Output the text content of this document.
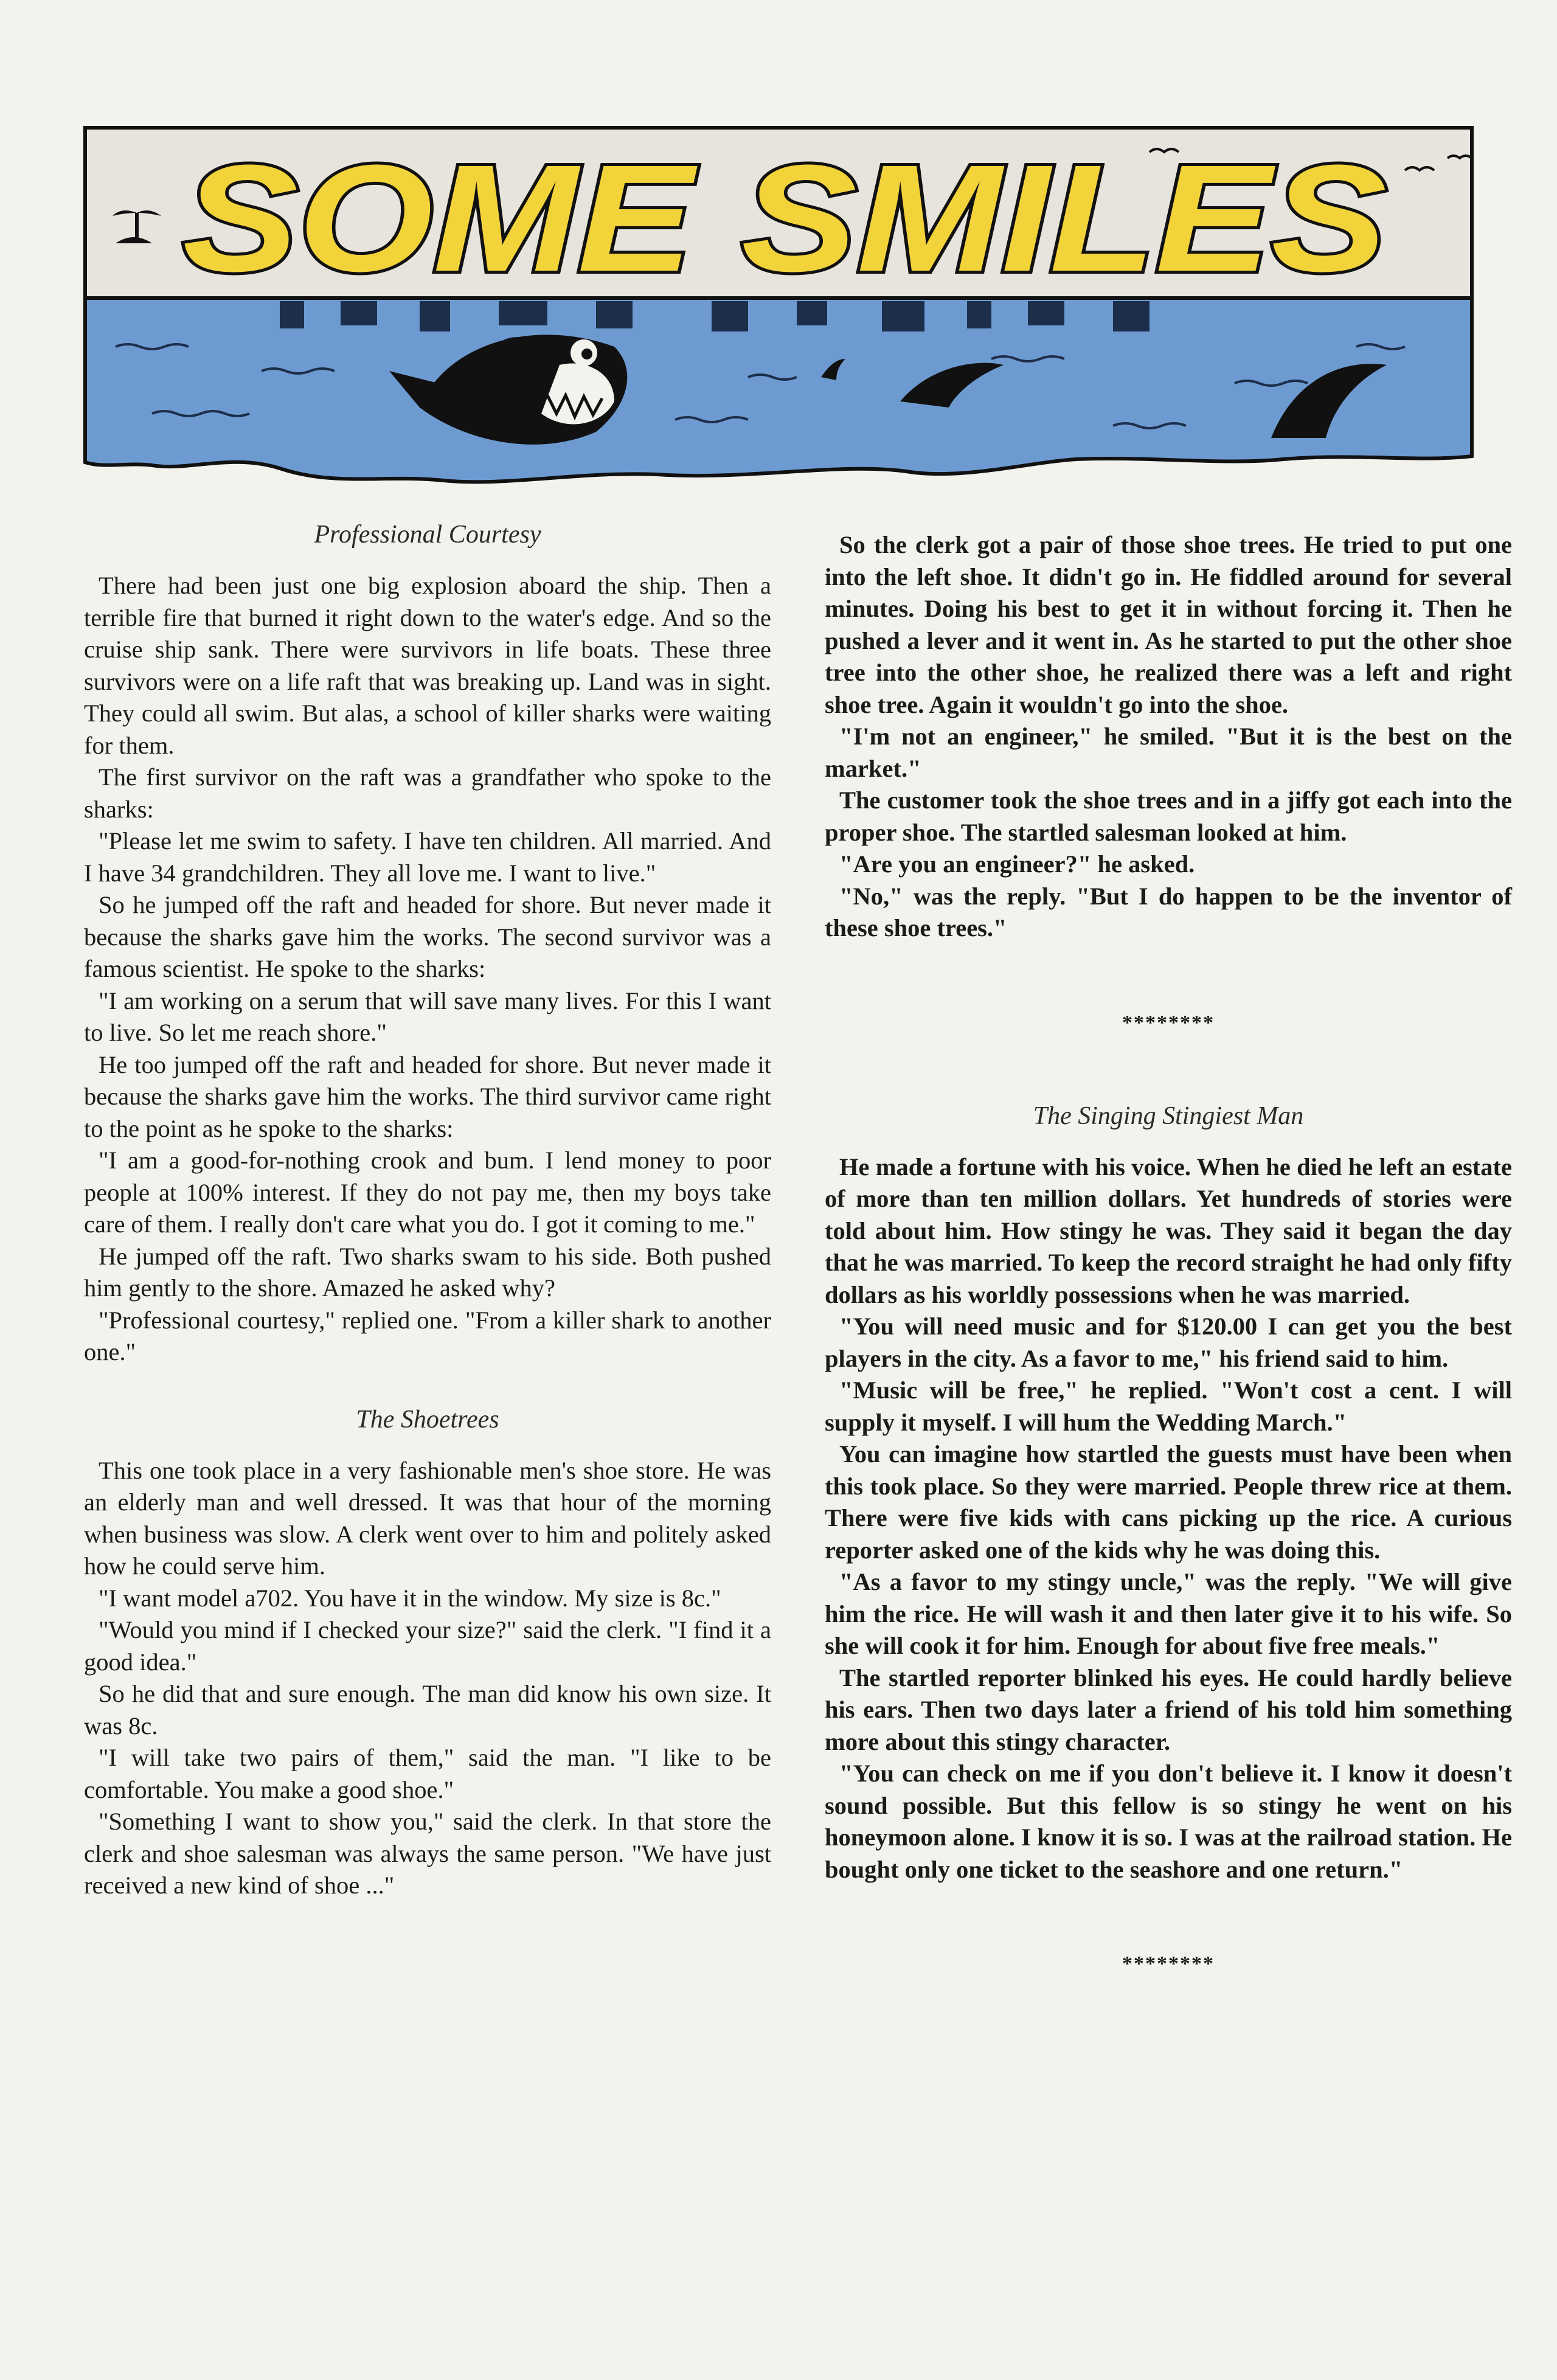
SOME SMILES

Professional Courtesy

There had been just one big explosion aboard the ship. Then a terrible fire that burned it right down to the water's edge. And so the cruise ship sank. There were survivors in life boats. These three survivors were on a life raft that was breaking up. Land was in sight. They could all swim. But alas, a school of killer sharks were waiting for them.

The first survivor on the raft was a grandfather who spoke to the sharks:

"Please let me swim to safety. I have ten children. All married. And I have 34 grandchildren. They all love me. I want to live."

So he jumped off the raft and headed for shore. But never made it because the sharks gave him the works. The second survivor was a famous scientist. He spoke to the sharks:

"I am working on a serum that will save many lives. For this I want to live. So let me reach shore."

He too jumped off the raft and headed for shore. But never made it because the sharks gave him the works. The third survivor came right to the point as he spoke to the sharks:

"I am a good-for-nothing crook and bum. I lend money to poor people at 100% interest. If they do not pay me, then my boys take care of them. I really don't care what you do. I got it coming to me."

He jumped off the raft. Two sharks swam to his side. Both pushed him gently to the shore. Amazed he asked why?

"Professional courtesy," replied one. "From a killer shark to another one."

The Shoetrees

This one took place in a very fashionable men's shoe store. He was an elderly man and well dressed. It was that hour of the morning when business was slow. A clerk went over to him and politely asked how he could serve him.

"I want model a702. You have it in the window. My size is 8c."

"Would you mind if I checked your size?" said the clerk. "I find it a good idea."

So he did that and sure enough. The man did know his own size. It was 8c.

"I will take two pairs of them," said the man. "I like to be comfortable. You make a good shoe."

"Something I want to show you," said the clerk. In that store the clerk and shoe salesman was always the same person. "We have just received a new kind of shoe ..."

So the clerk got a pair of those shoe trees. He tried to put one into the left shoe. It didn't go in. He fiddled around for several minutes. Doing his best to get it in without forcing it. Then he pushed a lever and it went in. As he started to put the other shoe tree into the other shoe, he realized there was a left and right shoe tree. Again it wouldn't go into the shoe.

"I'm not an engineer," he smiled. "But it is the best on the market."

The customer took the shoe trees and in a jiffy got each into the proper shoe. The startled salesman looked at him.

"Are you an engineer?" he asked.

"No," was the reply. "But I do happen to be the inventor of these shoe trees."

********

The Singing Stingiest Man

He made a fortune with his voice. When he died he left an estate of more than ten million dollars. Yet hundreds of stories were told about him. How stingy he was. They said it began the day that he was married. To keep the record straight he had only fifty dollars as his worldly possessions when he was married.

"You will need music and for $120.00 I can get you the best players in the city. As a favor to me," his friend said to him.

"Music will be free," he replied. "Won't cost a cent. I will supply it myself. I will hum the Wedding March."

You can imagine how startled the guests must have been when this took place. So they were married. People threw rice at them. There were five kids with cans picking up the rice. A curious reporter asked one of the kids why he was doing this.

"As a favor to my stingy uncle," was the reply. "We will give him the rice. He will wash it and then later give it to his wife. So she will cook it for him. Enough for about five free meals."

The startled reporter blinked his eyes. He could hardly believe his ears. Then two days later a friend of his told him something more about this stingy character.

"You can check on me if you don't believe it. I know it doesn't sound possible. But this fellow is so stingy he went on his honeymoon alone. I know it is so. I was at the railroad station. He bought only one ticket to the seashore and one return."

********
